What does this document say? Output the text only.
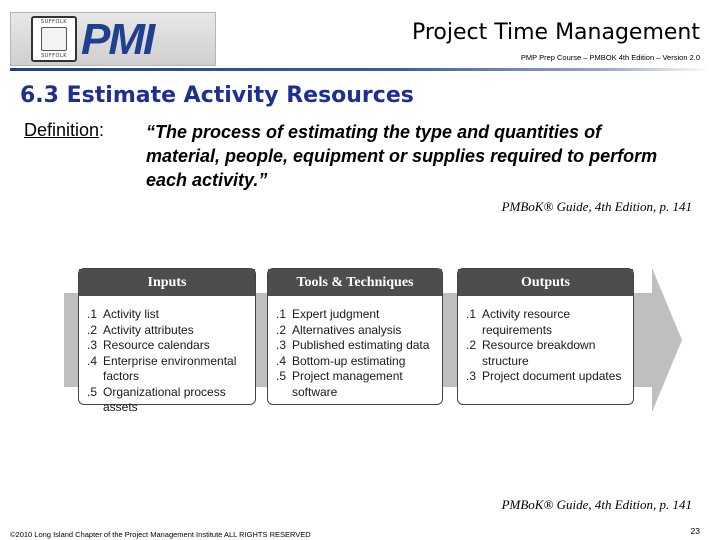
SUFFOLK
SUFFOLK PMI	Project Time Management
PMP Prep Course – PMBOK 4th Edition – Version 2.0
6.3 Estimate Activity Resources
Definition: “The process of estimating the type and quantities of material, people, equipment or supplies required to perform each activity.”
PMBoK® Guide, 4th Edition, p. 141
Inputs
.1 Activity list
.2 Activity attributes
.3 Resource calendars
.4 Enterprise environmental factors
.5 Organizational process assets
Tools & Techniques
.1 Expert judgment
.2 Alternatives analysis
.3 Published estimating data
.4 Bottom-up estimating
.5 Project management software
Outputs
.1 Activity resource requirements
.2 Resource breakdown structure
.3 Project document updates
PMBoK® Guide, 4th Edition, p. 141
©2010 Long Island Chapter of the Project Management Institute ALL RIGHTS RESERVED	23
